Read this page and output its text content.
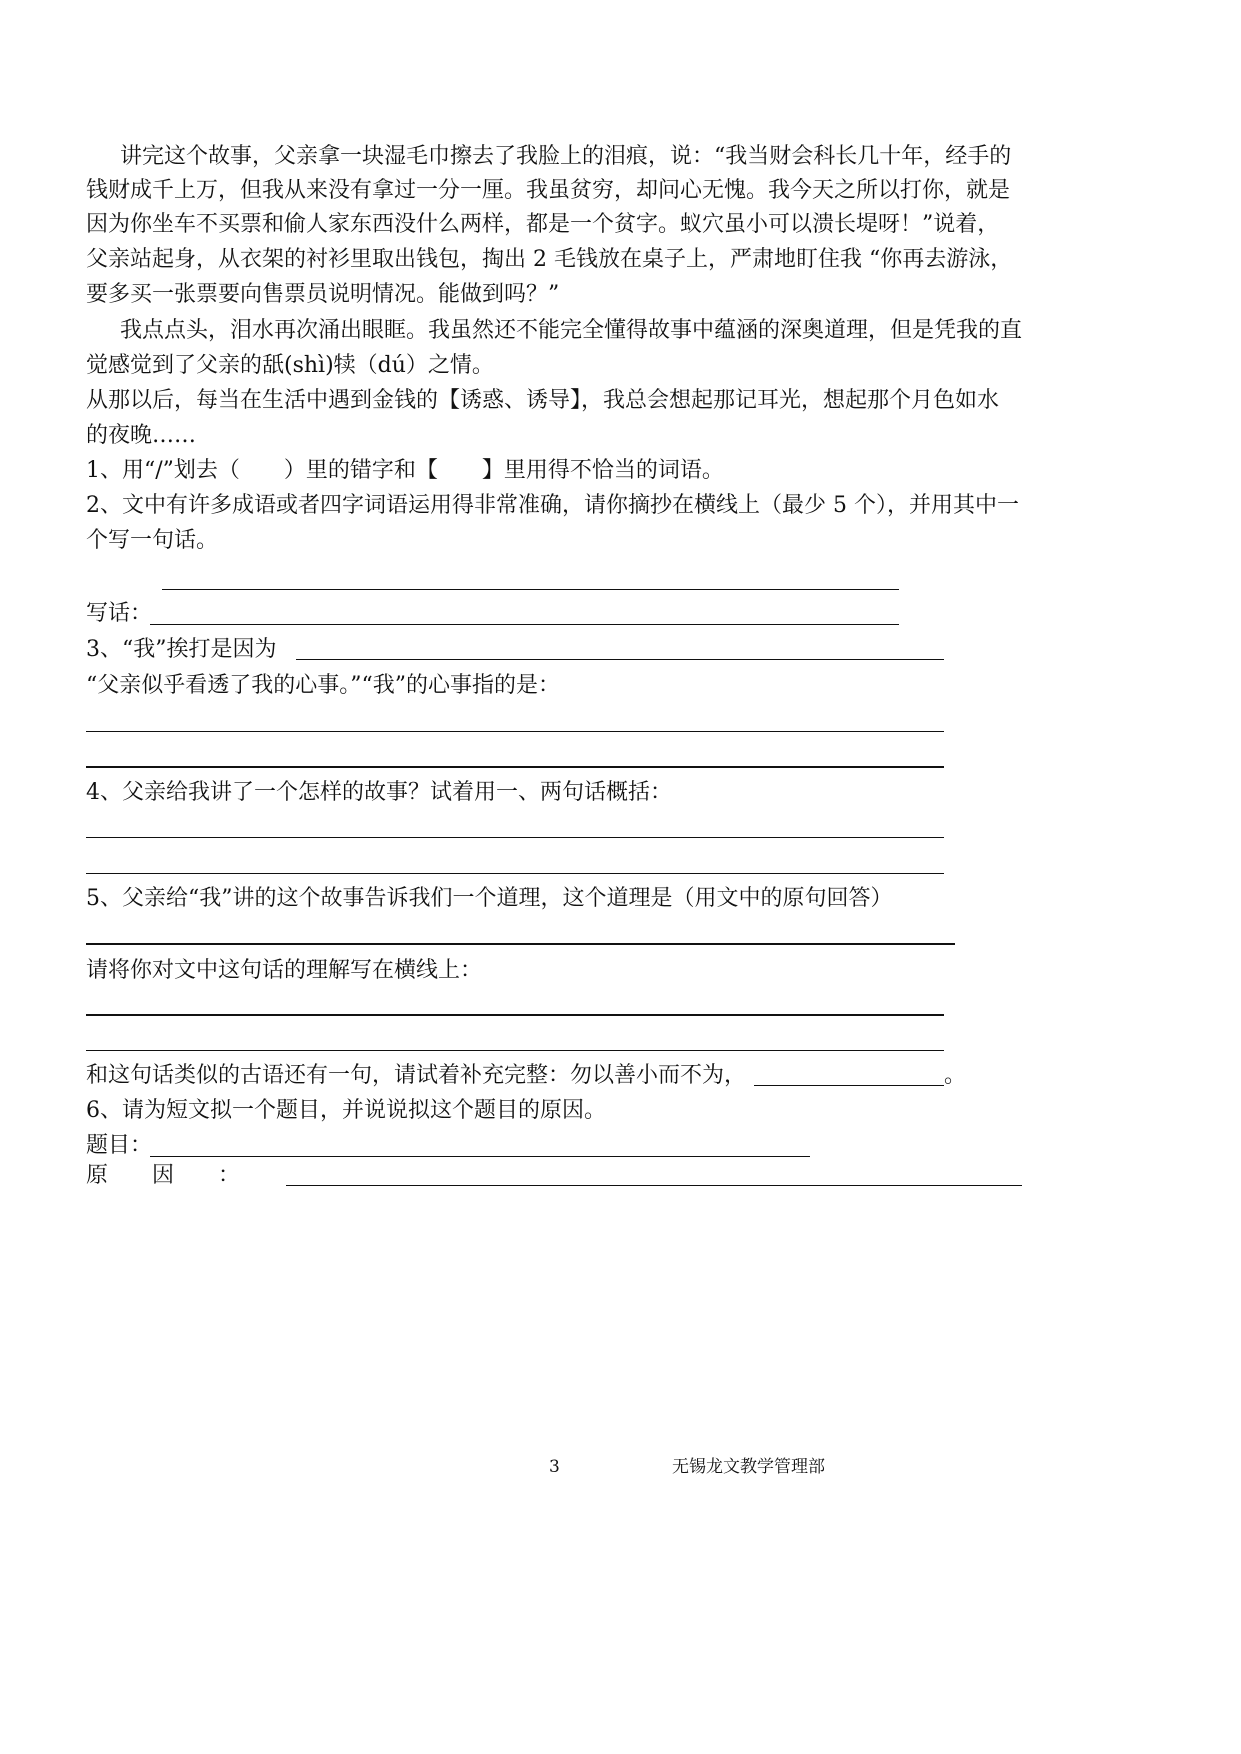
讲完这个故事，父亲拿一块湿毛巾擦去了我脸上的泪痕，说：“我当财会科长几十年，经手的
钱财成千上万，但我从来没有拿过一分一厘。我虽贫穷，却问心无愧。我今天之所以打你，就是
因为你坐车不买票和偷人家东西没什么两样，都是一个贫字。蚁穴虽小可以溃长堤呀！”说着，
父亲站起身，从衣架的衬衫里取出钱包，掏出 2 毛钱放在桌子上，严肃地盯住我 “你再去游泳，
要多买一张票要向售票员说明情况。能做到吗？”
我点点头，泪水再次涌出眼眶。我虽然还不能完全懂得故事中蕴涵的深奥道理，但是凭我的直
觉感觉到了父亲的舐(shì)犊（dú）之情。
从那以后，每当在生活中遇到金钱的【诱惑、诱导】，我总会想起那记耳光，想起那个月色如水
的夜晚……
1、用“/”划去（　　）里的错字和【　　】里用得不恰当的词语。
2、文中有许多成语或者四字词语运用得非常准确，请你摘抄在横线上（最少 5 个），并用其中一
个写一句话。
写话：
3、“我”挨打是因为
“父亲似乎看透了我的心事。”“我”的心事指的是：
4、父亲给我讲了一个怎样的故事？试着用一、两句话概括：
5、父亲给“我”讲的这个故事告诉我们一个道理，这个道理是（用文中的原句回答）
请将你对文中这句话的理解写在横线上：
和这句话类似的古语还有一句，请试着补充完整：勿以善小而不为，	。
6、请为短文拟一个题目，并说说拟这个题目的原因。
题目：
原　　因　　：
3	无锡龙文教学管理部
